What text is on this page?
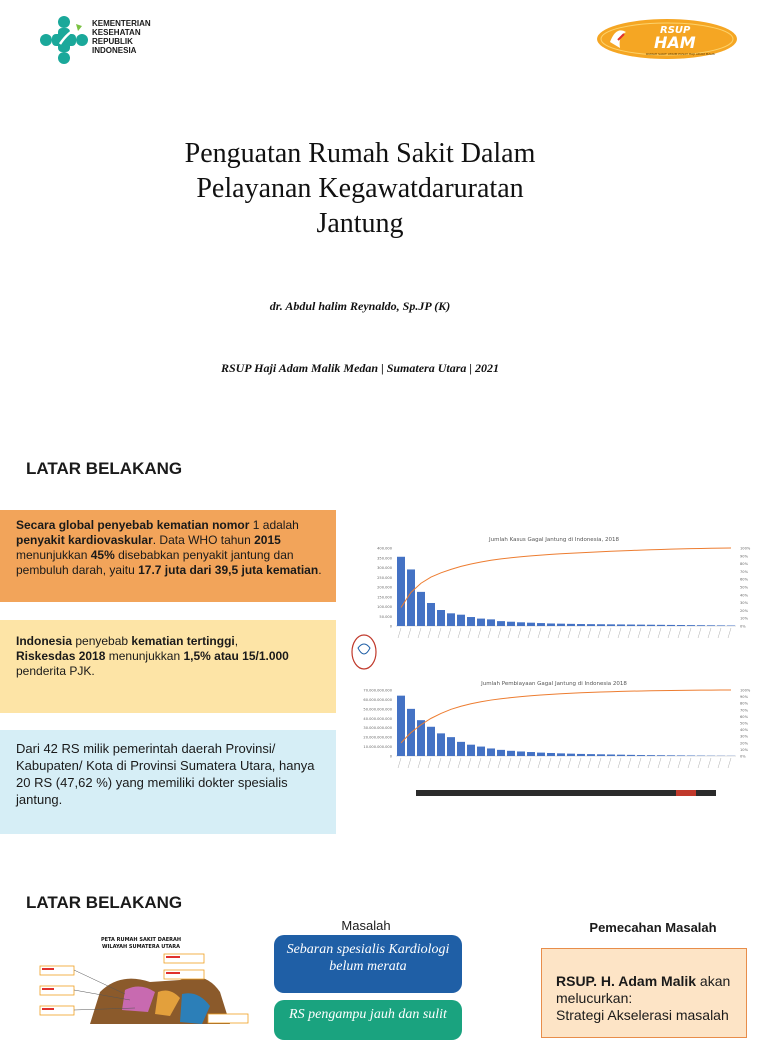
KEMENTERIAN
KESEHATAN
REPUBLIK
INDONESIA
RSUP
HAM
RUMAH SAKIT UMUM PUSAT HAJI ADAM MALIK
Penguatan Rumah Sakit Dalam
Pelayanan Kegawatdaruratan
Jantung
dr. Abdul halim Reynaldo, Sp.JP (K)
RSUP Haji Adam Malik Medan | Sumatera Utara | 2021
LATAR BELAKANG
Secara global penyebab kematian nomor 1 adalah penyakit kardiovaskular. Data WHO tahun 2015 menunjukkan 45% disebabkan penyakit jantung dan pembuluh darah, yaitu 17.7 juta dari 39,5 juta kematian.
Indonesia penyebab kematian tertinggi,
Riskesdas 2018 menunjukkan 1,5% atau 15/1.000 penderita PJK.
Dari 42 RS milik pemerintah daerah Provinsi/ Kabupaten/ Kota di Provinsi Sumatera Utara, hanya 20 RS (47,62 %) yang memiliki dokter spesialis jantung.
Jumlah Kasus Gagal Jantung di Indonesia, 2018
400.000
350.000
300.000
250.000
200.000
150.000
100.000
50.000
0
100%
90%
80%
70%
60%
50%
40%
30%
20%
10%
0%
Jumlah Pembiayaan Gagal Jantung di Indonesia 2018
70.000.000.000
60.000.000.000
50.000.000.000
40.000.000.000
30.000.000.000
20.000.000.000
10.000.000.000
0
100%
90%
80%
70%
60%
50%
40%
30%
20%
10%
0%
LATAR BELAKANG
Masalah	Pemecahan Masalah
PETA RUMAH SAKIT DAERAH
WILAYAH SUMATERA UTARA	Sebaran spesialis Kardiologi belum merata
RS pengampu jauh dan sulit
RSUP. H. Adam Malik akan melucurkan:
Strategi Akselerasi masalah
